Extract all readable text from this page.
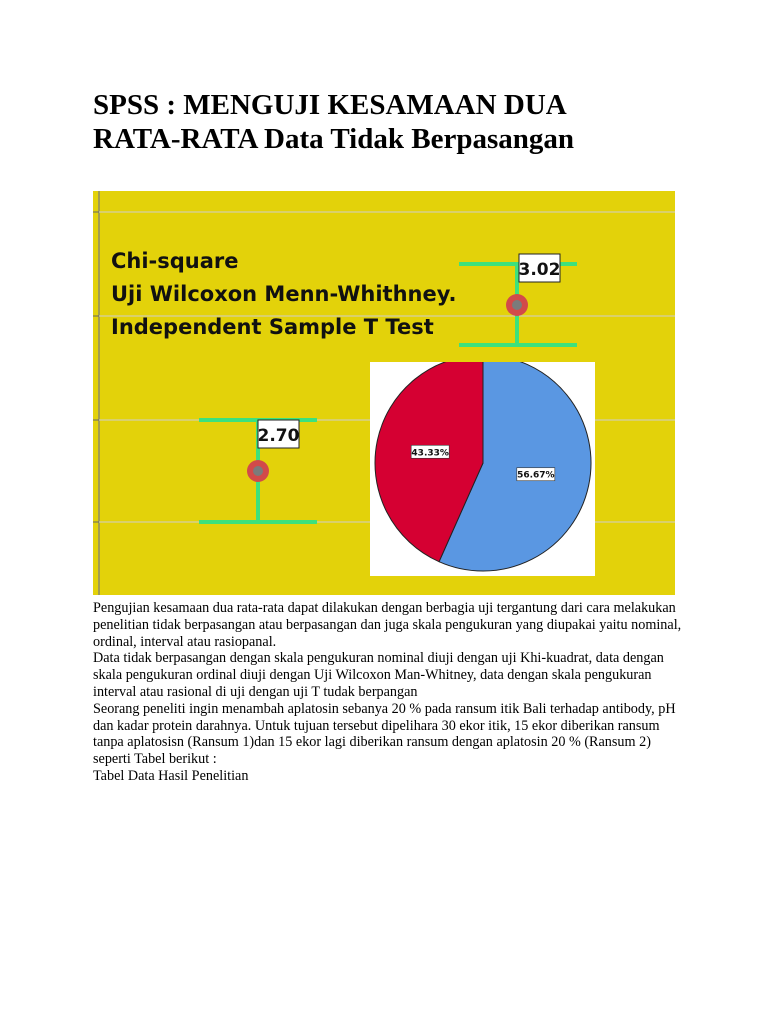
SPSS : MENGUJI KESAMAAN DUA
RATA-RATA Data Tidak Berpasangan
2.70
3.02
Chi-square
Uji Wilcoxon Menn-Whithney.
Independent Sample T Test
56.67%
43.33%

Pengujian kesamaan dua rata-rata dapat dilakukan dengan berbagia uji tergantung dari cara melakukan penelitian tidak berpasangan atau berpasangan dan juga skala pengukuran yang diupakai yaitu nominal, ordinal, interval atau rasiopanal.

Data tidak berpasangan dengan skala pengukuran nominal diuji dengan uji Khi-kuadrat, data dengan skala pengukuran ordinal diuji dengan Uji Wilcoxon Man-Whitney, data dengan skala pengukuran interval atau rasional di uji dengan uji T tudak berpangan

Seorang peneliti ingin menambah aplatosin sebanya 20 % pada ransum itik Bali terhadap antibody, pH dan kadar protein darahnya. Untuk tujuan tersebut dipelihara 30 ekor itik, 15 ekor diberikan ransum tanpa aplatosisn (Ransum 1)dan 15 ekor lagi diberikan ransum dengan aplatosin 20 % (Ransum 2) seperti Tabel berikut :

Tabel Data Hasil Penelitian
